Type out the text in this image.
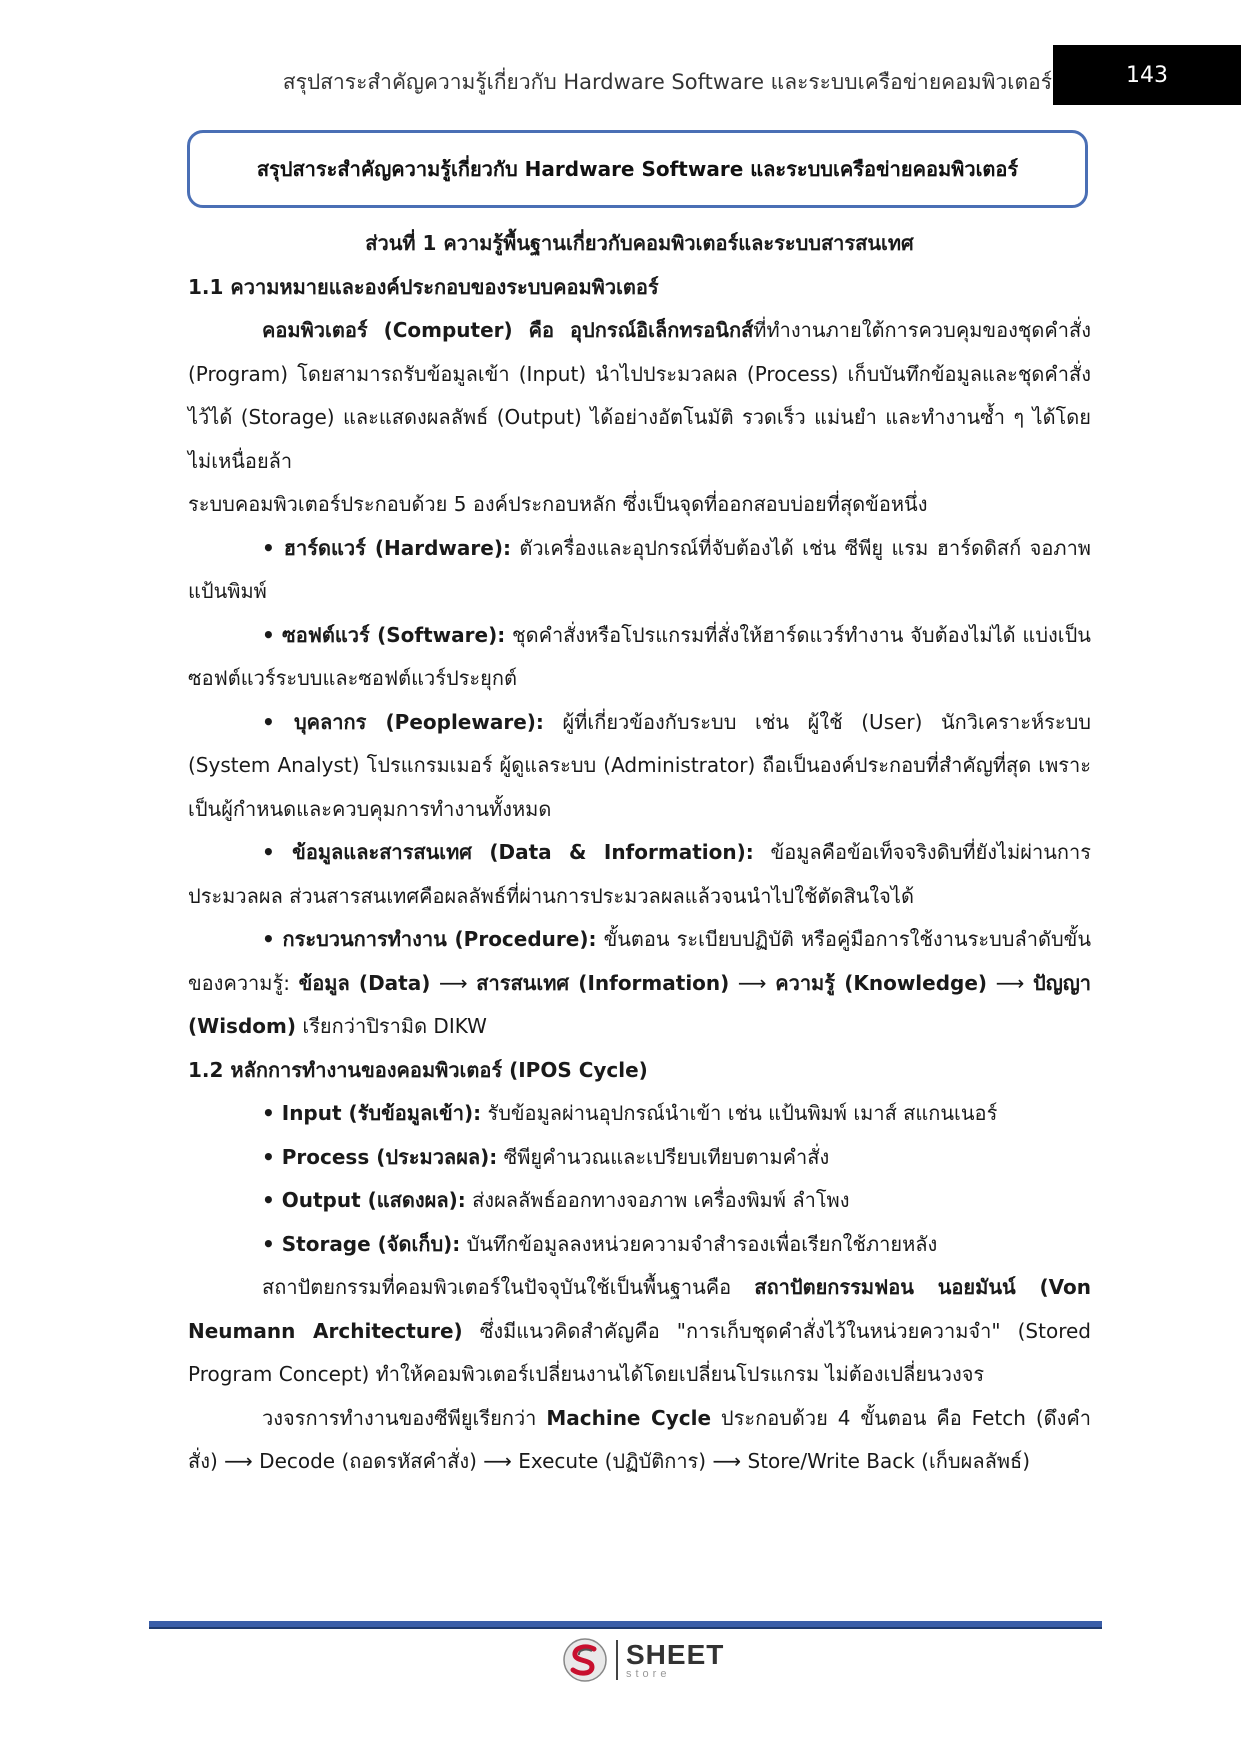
สรุปสาระสำคัญความรู้เกี่ยวกับ Hardware Software และระบบเครือข่ายคอมพิวเตอร์	143
สรุปสาระสำคัญความรู้เกี่ยวกับ Hardware Software และระบบเครือข่ายคอมพิวเตอร์

ส่วนที่ 1 ความรู้พื้นฐานเกี่ยวกับคอมพิวเตอร์และระบบสารสนเทศ

1.1 ความหมายและองค์ประกอบของระบบคอมพิวเตอร์

คอมพิวเตอร์ (Computer) คือ อุปกรณ์อิเล็กทรอนิกส์ที่ทำงานภายใต้การควบคุมของชุดคำสั่ง (Program) โดยสามารถรับข้อมูลเข้า (Input) นำไปประมวลผล (Process) เก็บบันทึกข้อมูลและชุดคำสั่งไว้ได้ (Storage) และแสดงผลลัพธ์ (Output) ได้อย่างอัตโนมัติ รวดเร็ว แม่นยำ และทำงานซ้ำ ๆ ได้โดยไม่เหนื่อยล้า

ระบบคอมพิวเตอร์ประกอบด้วย 5 องค์ประกอบหลัก ซึ่งเป็นจุดที่ออกสอบบ่อยที่สุดข้อหนึ่ง

• ฮาร์ดแวร์ (Hardware): ตัวเครื่องและอุปกรณ์ที่จับต้องได้ เช่น ซีพียู แรม ฮาร์ดดิสก์ จอภาพ แป้นพิมพ์

• ซอฟต์แวร์ (Software): ชุดคำสั่งหรือโปรแกรมที่สั่งให้ฮาร์ดแวร์ทำงาน จับต้องไม่ได้ แบ่งเป็นซอฟต์แวร์ระบบและซอฟต์แวร์ประยุกต์

• บุคลากร (Peopleware): ผู้ที่เกี่ยวข้องกับระบบ เช่น ผู้ใช้ (User) นักวิเคราะห์ระบบ (System Analyst) โปรแกรมเมอร์ ผู้ดูแลระบบ (Administrator) ถือเป็นองค์ประกอบที่สำคัญที่สุด เพราะเป็นผู้กำหนดและควบคุมการทำงานทั้งหมด

• ข้อมูลและสารสนเทศ (Data & Information): ข้อมูลคือข้อเท็จจริงดิบที่ยังไม่ผ่านการประมวลผล ส่วนสารสนเทศคือผลลัพธ์ที่ผ่านการประมวลผลแล้วจนนำไปใช้ตัดสินใจได้

• กระบวนการทำงาน (Procedure): ขั้นตอน ระเบียบปฏิบัติ หรือคู่มือการใช้งานระบบลำดับขั้นของความรู้: ข้อมูล (Data) ⟶ สารสนเทศ (Information) ⟶ ความรู้ (Knowledge) ⟶ ปัญญา (Wisdom) เรียกว่าปิรามิด DIKW

1.2 หลักการทำงานของคอมพิวเตอร์ (IPOS Cycle)

• Input (รับข้อมูลเข้า): รับข้อมูลผ่านอุปกรณ์นำเข้า เช่น แป้นพิมพ์ เมาส์ สแกนเนอร์

• Process (ประมวลผล): ซีพียูคำนวณและเปรียบเทียบตามคำสั่ง

• Output (แสดงผล): ส่งผลลัพธ์ออกทางจอภาพ เครื่องพิมพ์ ลำโพง

• Storage (จัดเก็บ): บันทึกข้อมูลลงหน่วยความจำสำรองเพื่อเรียกใช้ภายหลัง

สถาปัตยกรรมที่คอมพิวเตอร์ในปัจจุบันใช้เป็นพื้นฐานคือ สถาปัตยกรรมฟอน นอยมันน์ (Von Neumann Architecture) ซึ่งมีแนวคิดสำคัญคือ "การเก็บชุดคำสั่งไว้ในหน่วยความจำ" (Stored Program Concept) ทำให้คอมพิวเตอร์เปลี่ยนงานได้โดยเปลี่ยนโปรแกรม ไม่ต้องเปลี่ยนวงจร

วงจรการทำงานของซีพียูเรียกว่า Machine Cycle ประกอบด้วย 4 ขั้นตอน คือ Fetch (ดึงคำสั่ง) ⟶ Decode (ถอดรหัสคำสั่ง) ⟶ Execute (ปฏิบัติการ) ⟶ Store/Write Back (เก็บผลลัพธ์)

SHEET
store
